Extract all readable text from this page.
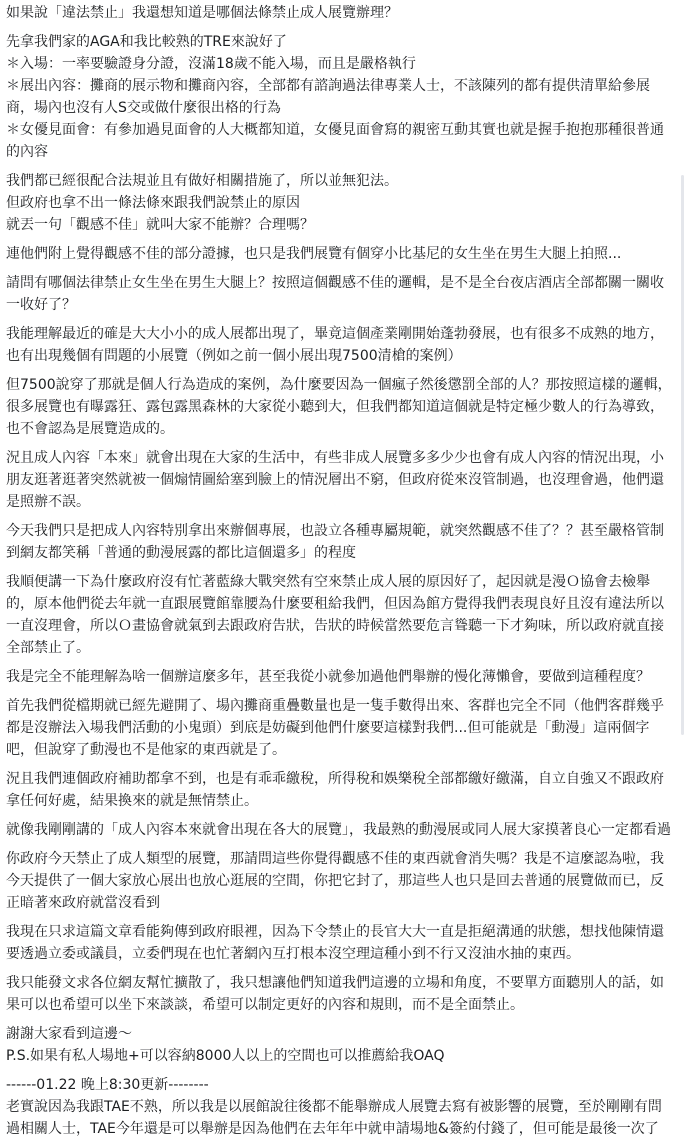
如果說「違法禁止」我還想知道是哪個法條禁止成人展覽辦理？

先拿我們家的AGA和我比較熟的TRE來說好了
＊入場：一率要驗證身分證，沒滿18歲不能入場，而且是嚴格執行
＊展出內容：攤商的展示物和攤商內容，全部都有諮詢過法律專業人士，不該陳列的都有提供清單給參展商，場內也沒有人S交或做什麼很出格的行為
＊女優見面會：有參加過見面會的人大概都知道，女優見面會寫的親密互動其實也就是握手抱抱那種很普通的內容

我們都已經很配合法規並且有做好相關措施了，所以並無犯法。
但政府也拿不出一條法條來跟我們說禁止的原因
就丟一句「觀感不佳」就叫大家不能辦？合理嗎？

連他們附上覺得觀感不佳的部分證據，也只是我們展覽有個穿小比基尼的女生坐在男生大腿上拍照...

請問有哪個法律禁止女生坐在男生大腿上？按照這個觀感不佳的邏輯，是不是全台夜店酒店全部都關一關收一收好了？

我能理解最近的確是大大小小的成人展都出現了，畢竟這個產業剛開始蓬勃發展，也有很多不成熟的地方，也有出現幾個有問題的小展覽（例如之前一個小展出現7500清槍的案例）

但7500說穿了那就是個人行為造成的案例，為什麼要因為一個瘋子然後懲罰全部的人？那按照這樣的邏輯，很多展覽也有曝露狂、露包露黑森林的大家從小聽到大，但我們都知道這個就是特定極少數人的行為導致，也不會認為是展覽造成的。

況且成人內容「本來」就會出現在大家的生活中，有些非成人展覽多多少少也會有成人內容的情況出現，小朋友逛著逛著突然就被一個煽情圖給塞到臉上的情況層出不窮，但政府從來沒管制過，也沒理會過，他們還是照辦不誤。

今天我們只是把成人內容特別拿出來辦個專展，也設立各種專屬規範，就突然觀感不佳了？？甚至嚴格管制到網友都笑稱「普通的動漫展露的都比這個還多」的程度

我順便講一下為什麼政府沒有忙著藍綠大戰突然有空來禁止成人展的原因好了，起因就是漫Ｏ協會去檢舉的，原本他們從去年就一直跟展覽館靠腰為什麼要租給我們，但因為館方覺得我們表現良好且沒有違法所以一直沒理會，所以Ｏ畫協會就氣到去跟政府告狀，告狀的時候當然要危言聳聽一下才夠味，所以政府就直接全部禁止了。

我是完全不能理解為啥一個辦這麼多年，甚至我從小就參加過他們舉辦的慢化薄懶會，要做到這種程度？

首先我們從檔期就已經先避開了、場內攤商重疊數量也是一隻手數得出來、客群也完全不同（他們客群幾乎都是沒辦法入場我們活動的小鬼頭）到底是妨礙到他們什麼要這樣對我們...但可能就是「動漫」這兩個字吧，但說穿了動漫也不是他家的東西就是了。

況且我們連個政府補助都拿不到，也是有乖乖繳稅，所得稅和娛樂稅全部都繳好繳滿，自立自強又不跟政府拿任何好處，結果換來的就是無情禁止。

就像我剛剛講的「成人內容本來就會出現在各大的展覽」，我最熟的動漫展或同人展大家摸著良心一定都看過

你政府今天禁止了成人類型的展覽，那請問這些你覺得觀感不佳的東西就會消失嗎？我是不這麼認為啦，我今天提供了一個大家放心展出也放心逛展的空間，你把它封了，那這些人也只是回去普通的展覽做而已，反正暗著來政府就當沒看到

我現在只求這篇文章看能夠傳到政府眼裡，因為下令禁止的長官大大一直是拒絕溝通的狀態，想找他陳情還要透過立委或議員，立委們現在也忙著網內互打根本沒空理這種小到不行又沒油水抽的東西。

我只能發文求各位網友幫忙擴散了，我只想讓他們知道我們這邊的立場和角度，不要單方面聽別人的話，如果可以也希望可以坐下來談談，希望可以制定更好的內容和規則，而不是全面禁止。

謝謝大家看到這邊～
P.S.如果有私人場地+可以容納8000人以上的空間也可以推薦給我OAQ

------01.22 晚上8:30更新--------
老實說因為我跟TAE不熟，所以我是以展館說往後都不能舉辦成人展覽去寫有被影響的展覽，至於剛剛有問過相關人士，TAE今年還是可以舉辦是因為他們在去年年中就申請場地&簽約付錢了，但可能是最後一次了
